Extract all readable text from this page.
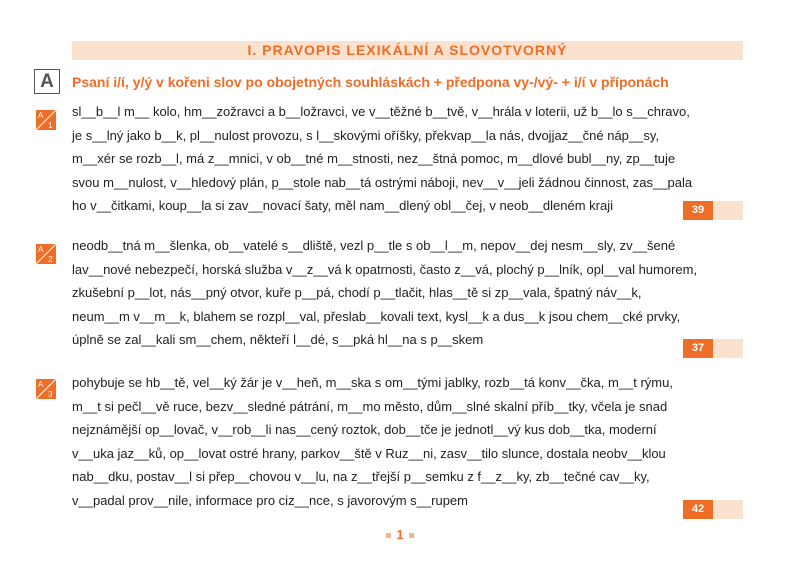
I. PRAVOPIS LEXIKÁLNÍ A SLOVOTVORNÝ
A	Psaní i/í, y/ý v kořeni slov po obojetných souhláskách + předpona vy-/vý- + i/í v příponách
A
1
sl__b__l m__ kolo, hm__zožravci a b__ložravci, ve v__těžné b__tvě, v__hrála v loterii, už b__lo s__chravo,
je s__lný jako b__k, pl__nulost provozu, s l__skovými oříšky, překvap__la nás, dvojjaz__čné náp__sy,
m__xér se rozb__l, má z__mnici, v ob__tné m__stnosti, nez__štná pomoc, m__dlové bubl__ny, zp__tuje
svou m__nulost, v__hledový plán, p__stole nab__tá ostrými náboji, nev__v__jeli žádnou činnost, zas__pala
ho v__čitkami, koup__la si zav__novací šaty, měl nam__dlený obl__čej, v neob__dleném kraji	39
A
2
neodb__tná m__šlenka, ob__vatelé s__dliště, vezl p__tle s ob__l__m, nepov__dej nesm__sly, zv__šené
lav__nové nebezpečí, horská služba v__z__vá k opatrnosti, často z__vá, plochý p__lník, opl__val humorem,
zkušební p__lot, nás__pný otvor, kuře p__pá, chodí p__tlačit, hlas__tě si zp__vala, špatný náv__k,
neum__m v__m__k, blahem se rozpl__val, přeslab__kovali text, kysl__k a dus__k jsou chem__cké prvky,
úplně se zal__kali sm__chem, někteří l__dé, s__pká hl__na s p__skem
37
A
3
pohybuje se hb__tě, vel__ký žár je v__heň, m__ska s om__tými jablky, rozb__tá konv__čka, m__t rýmu,
m__t si pečl__vě ruce, bezv__sledné pátrání, m__mo město, dům__slné skalní příb__tky, včela je snad
nejznámější op__lovač, v__rob__li nas__cený roztok, dob__tče je jednotl__vý kus dob__tka, moderní
v__uka jaz__ků, op__lovat ostré hrany, parkov__ště v Ruz__ni, zasv__tilo slunce, dostala neobv__klou
nab__dku, postav__l si přep__chovou v__lu, na z__třejší p__semku z f__z__ky, zb__tečné cav__ky,
v__padal prov__nile, informace pro ciz__nce, s javorovým s__rupem
42
1
